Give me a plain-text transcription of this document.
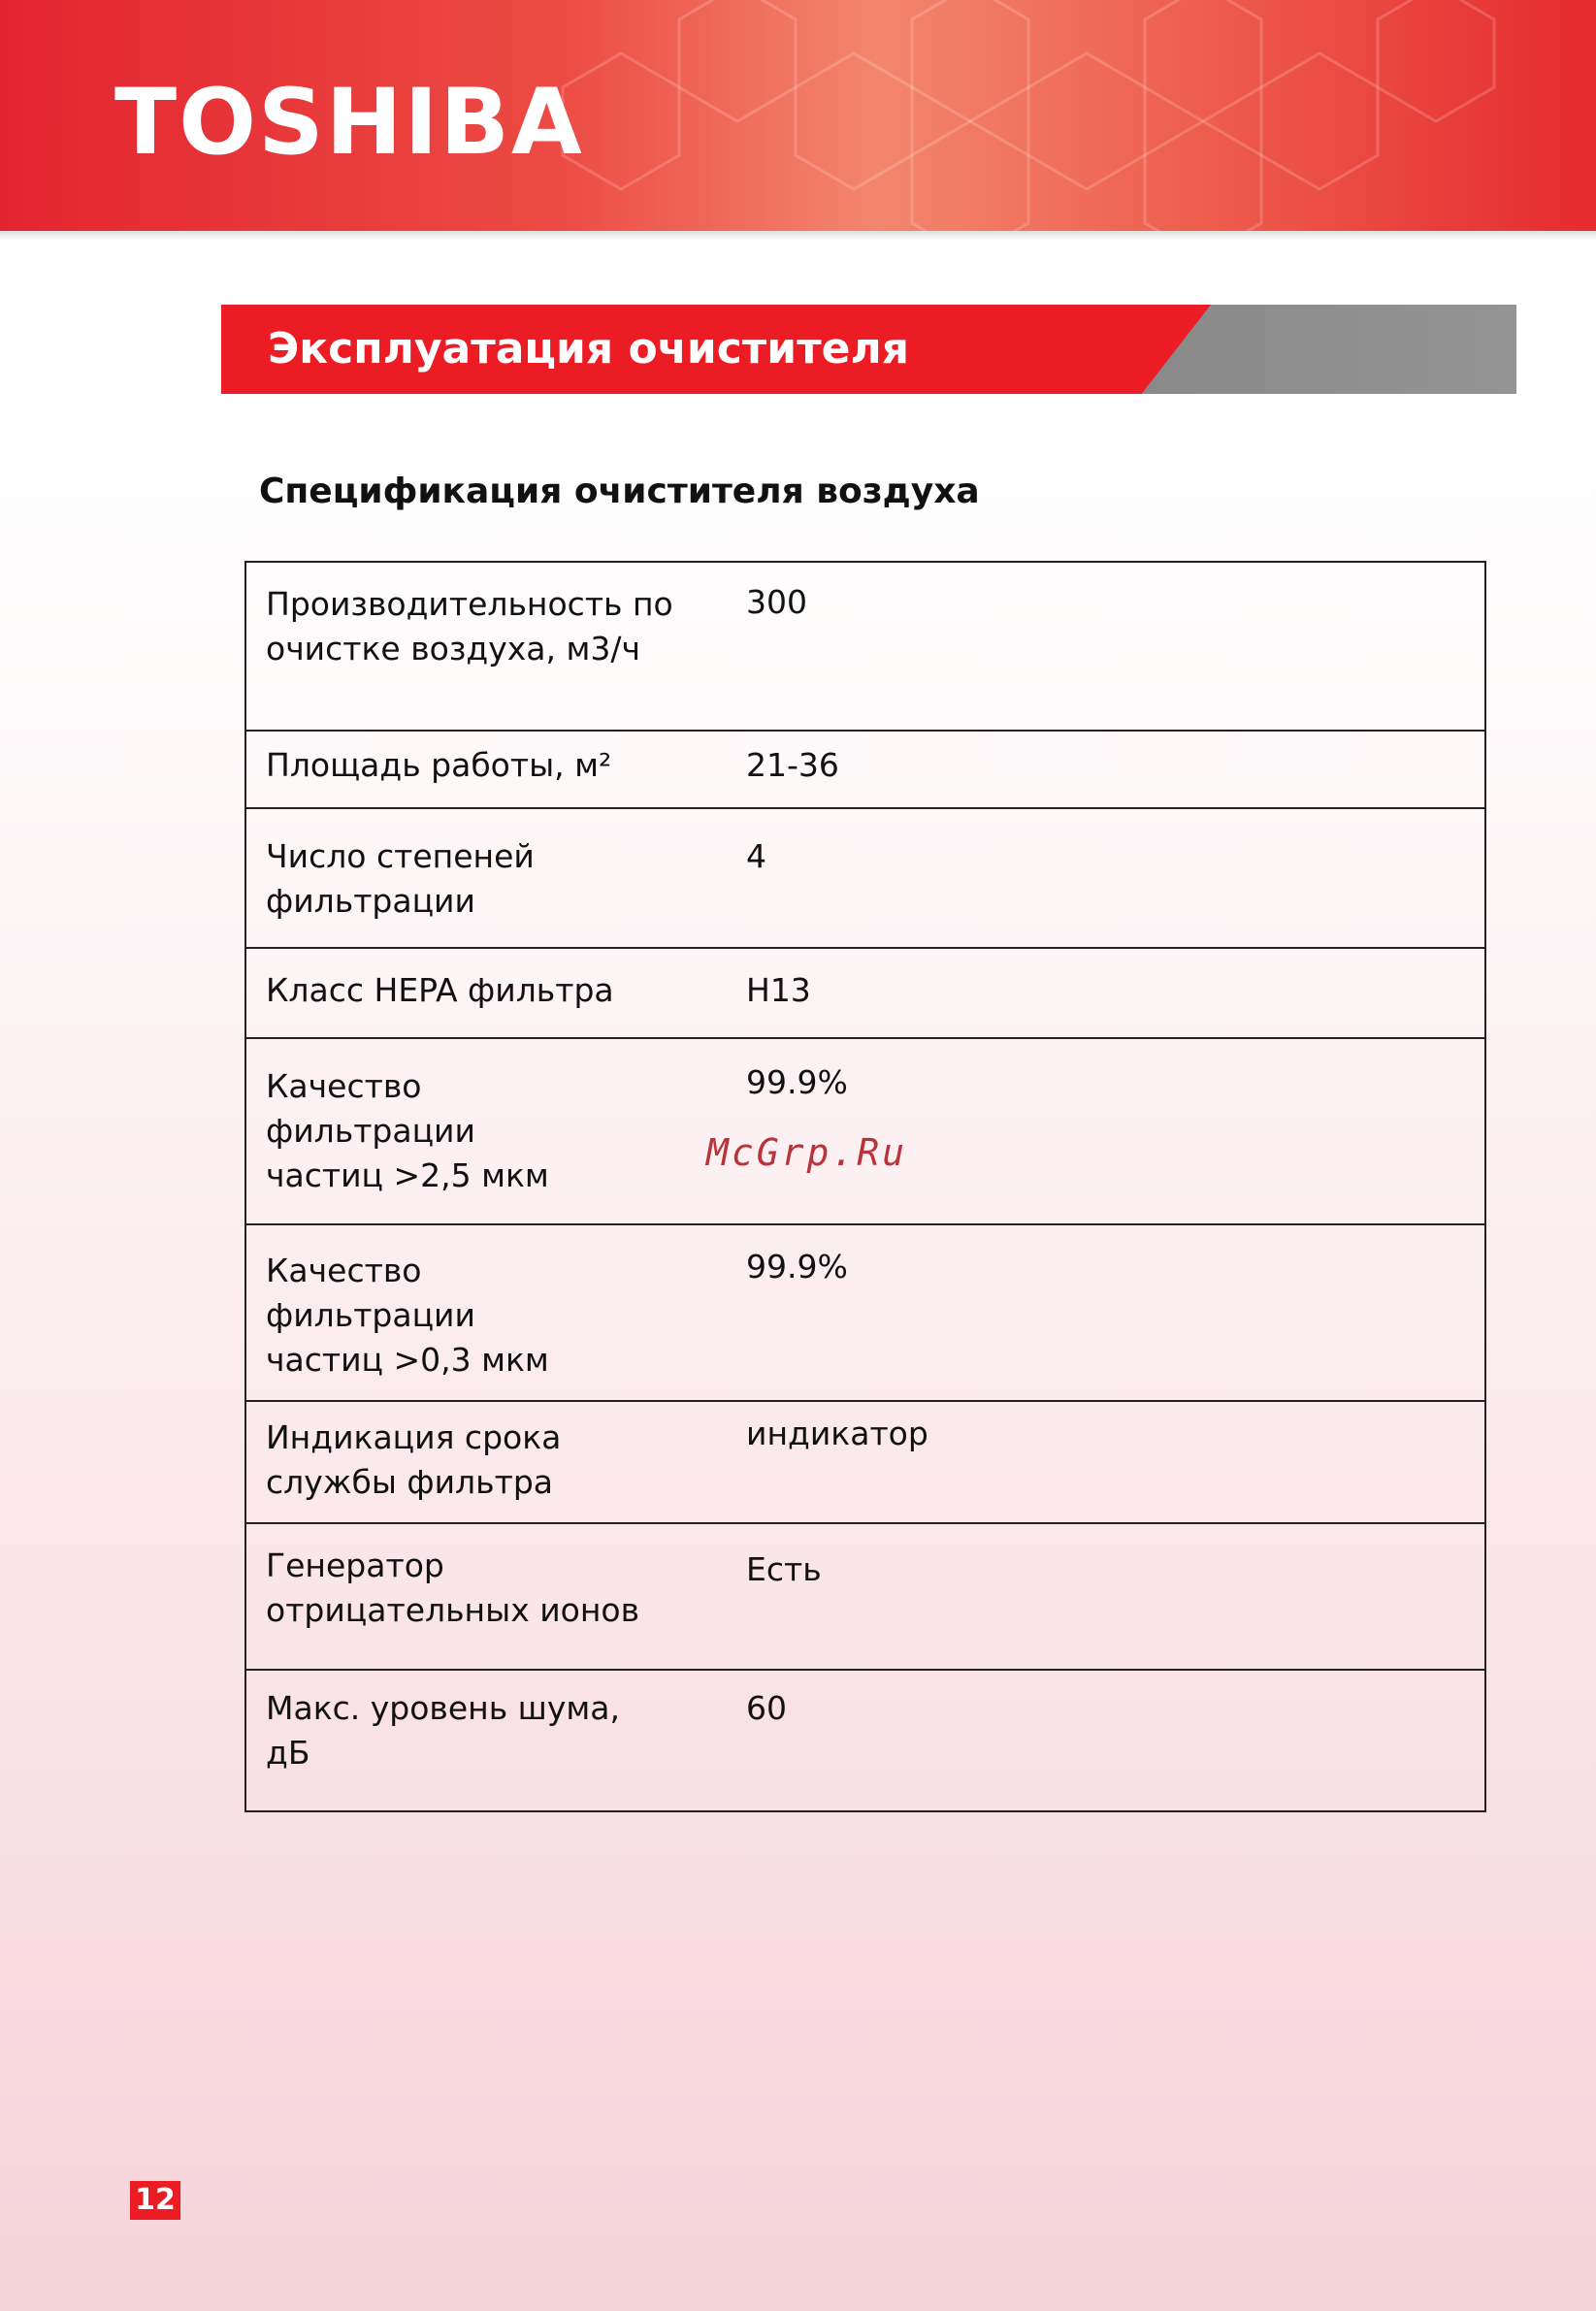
TOSHIBA
Эксплуатация очистителя
Спецификация очистителя воздуха
Производительность по
очистке воздуха, м3/ч
300
Площадь работы, м²	21-36
Число степеней
фильтрации
4
Класс HEPA фильтра	H13
Качество
фильтрации
частиц >2,5 мкм
99.9%
Качество
фильтрации
частиц >0,3 мкм
99.9%
Индикация срока
службы фильтра
индикатор
Генератор
отрицательных ионов
Есть
Макс. уровень шума,
дБ
60
McGrp.Ru
12
